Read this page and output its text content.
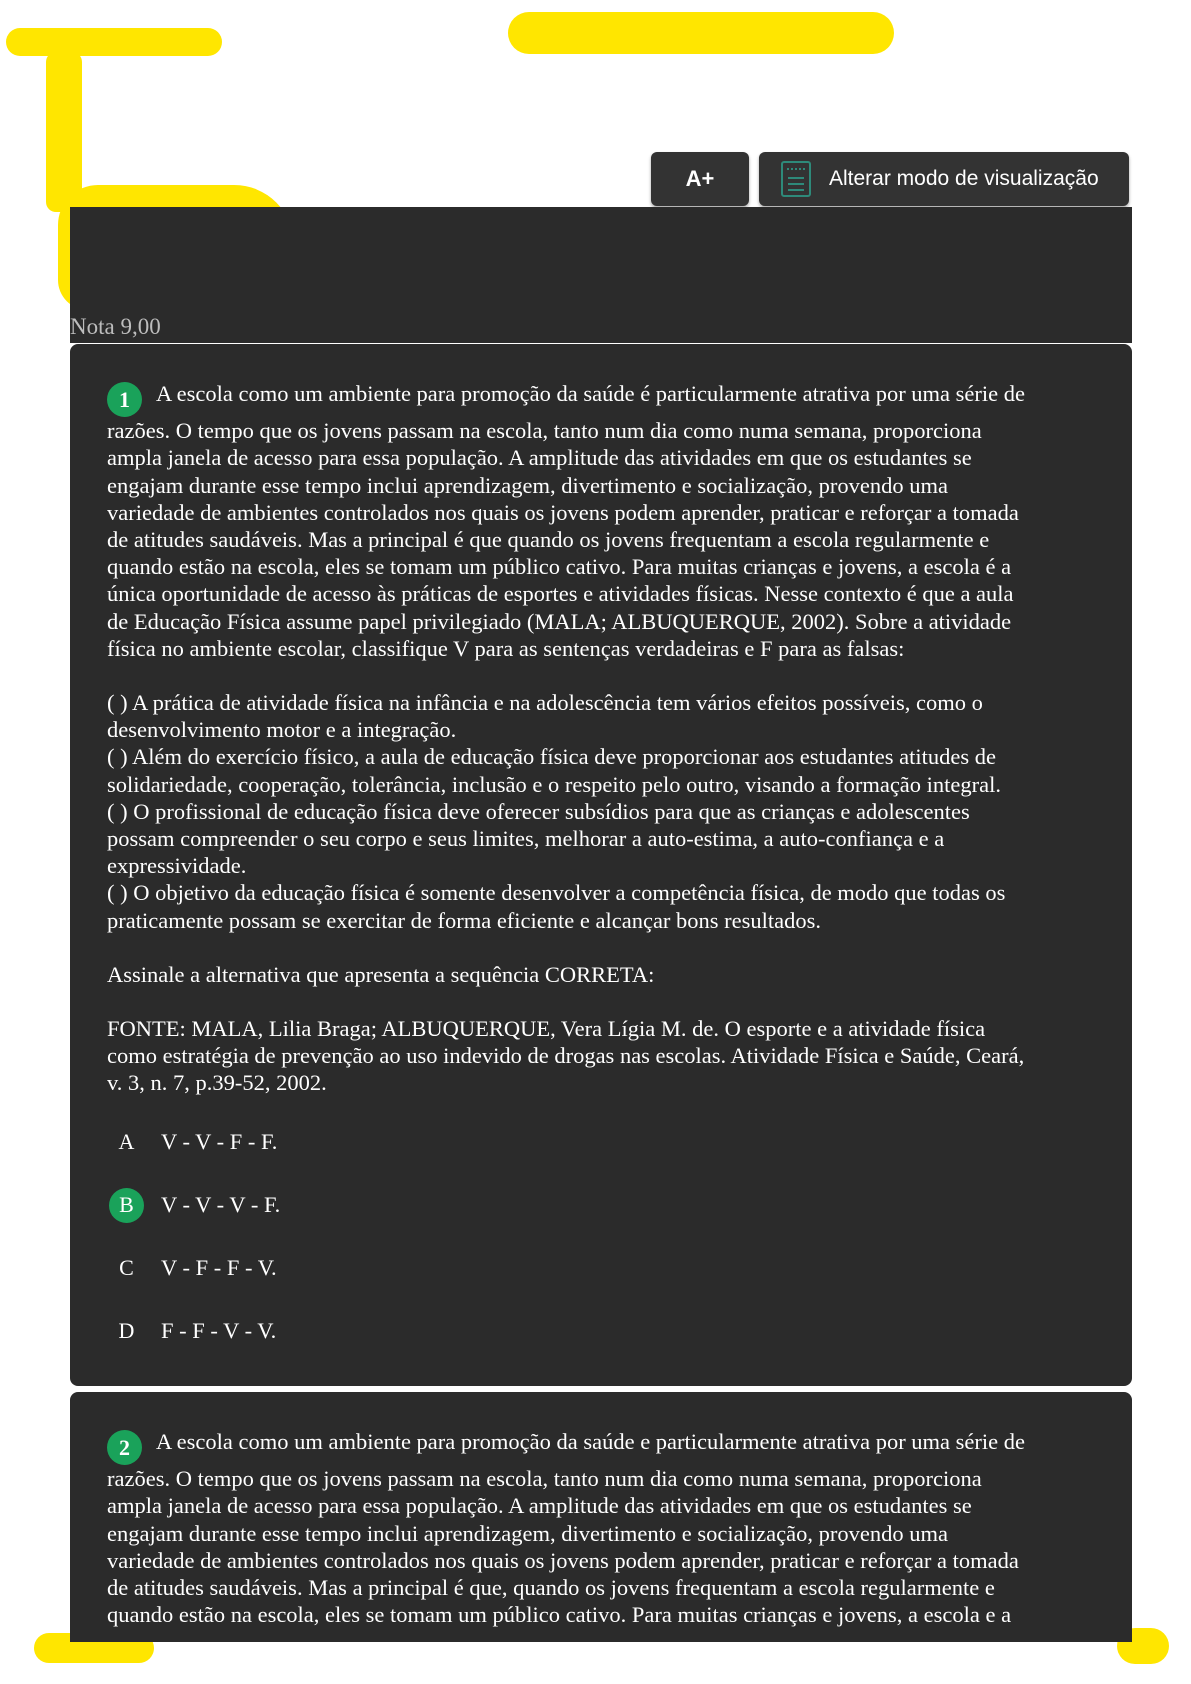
A+	Alterar modo de visualização
Nota 9,00
1 A escola como um ambiente para promoção da saúde é particularmente atrativa por uma série de
razões. O tempo que os jovens passam na escola, tanto num dia como numa semana, proporciona
ampla janela de acesso para essa população. A amplitude das atividades em que os estudantes se
engajam durante esse tempo inclui aprendizagem, divertimento e socialização, provendo uma
variedade de ambientes controlados nos quais os jovens podem aprender, praticar e reforçar a tomada
de atitudes saudáveis. Mas a principal é que quando os jovens frequentam a escola regularmente e
quando estão na escola, eles se tomam um público cativo. Para muitas crianças e jovens, a escola é a
única oportunidade de acesso às práticas de esportes e atividades físicas. Nesse contexto é que a aula
de Educação Física assume papel privilegiado (MALA; ALBUQUERQUE, 2002). Sobre a atividade
física no ambiente escolar, classifique V para as sentenças verdadeiras e F para as falsas:
( ) A prática de atividade física na infância e na adolescência tem vários efeitos possíveis, como o
desenvolvimento motor e a integração.
( ) Além do exercício físico, a aula de educação física deve proporcionar aos estudantes atitudes de
solidariedade, cooperação, tolerância, inclusão e o respeito pelo outro, visando a formação integral.
( ) O profissional de educação física deve oferecer subsídios para que as crianças e adolescentes
possam compreender o seu corpo e seus limites, melhorar a auto-estima, a auto-confiança e a
expressividade.
( ) O objetivo da educação física é somente desenvolver a competência física, de modo que todas os
praticamente possam se exercitar de forma eficiente e alcançar bons resultados.
Assinale a alternativa que apresenta a sequência CORRETA:
FONTE: MALA, Lilia Braga; ALBUQUERQUE, Vera Lígia M. de. O esporte e a atividade física
como estratégia de prevenção ao uso indevido de drogas nas escolas. Atividade Física e Saúde, Ceará,
v. 3, n. 7, p.39-52, 2002.
A	V - V - F - F.
B	V - V - V - F.
C	V - F - F - V.
D	F - F - V - V.
2 A escola como um ambiente para promoção da saúde e particularmente atrativa por uma série de
razões. O tempo que os jovens passam na escola, tanto num dia como numa semana, proporciona
ampla janela de acesso para essa população. A amplitude das atividades em que os estudantes se
engajam durante esse tempo inclui aprendizagem, divertimento e socialização, provendo uma
variedade de ambientes controlados nos quais os jovens podem aprender, praticar e reforçar a tomada
de atitudes saudáveis. Mas a principal é que, quando os jovens frequentam a escola regularmente e
quando estão na escola, eles se tomam um público cativo. Para muitas crianças e jovens, a escola e a
